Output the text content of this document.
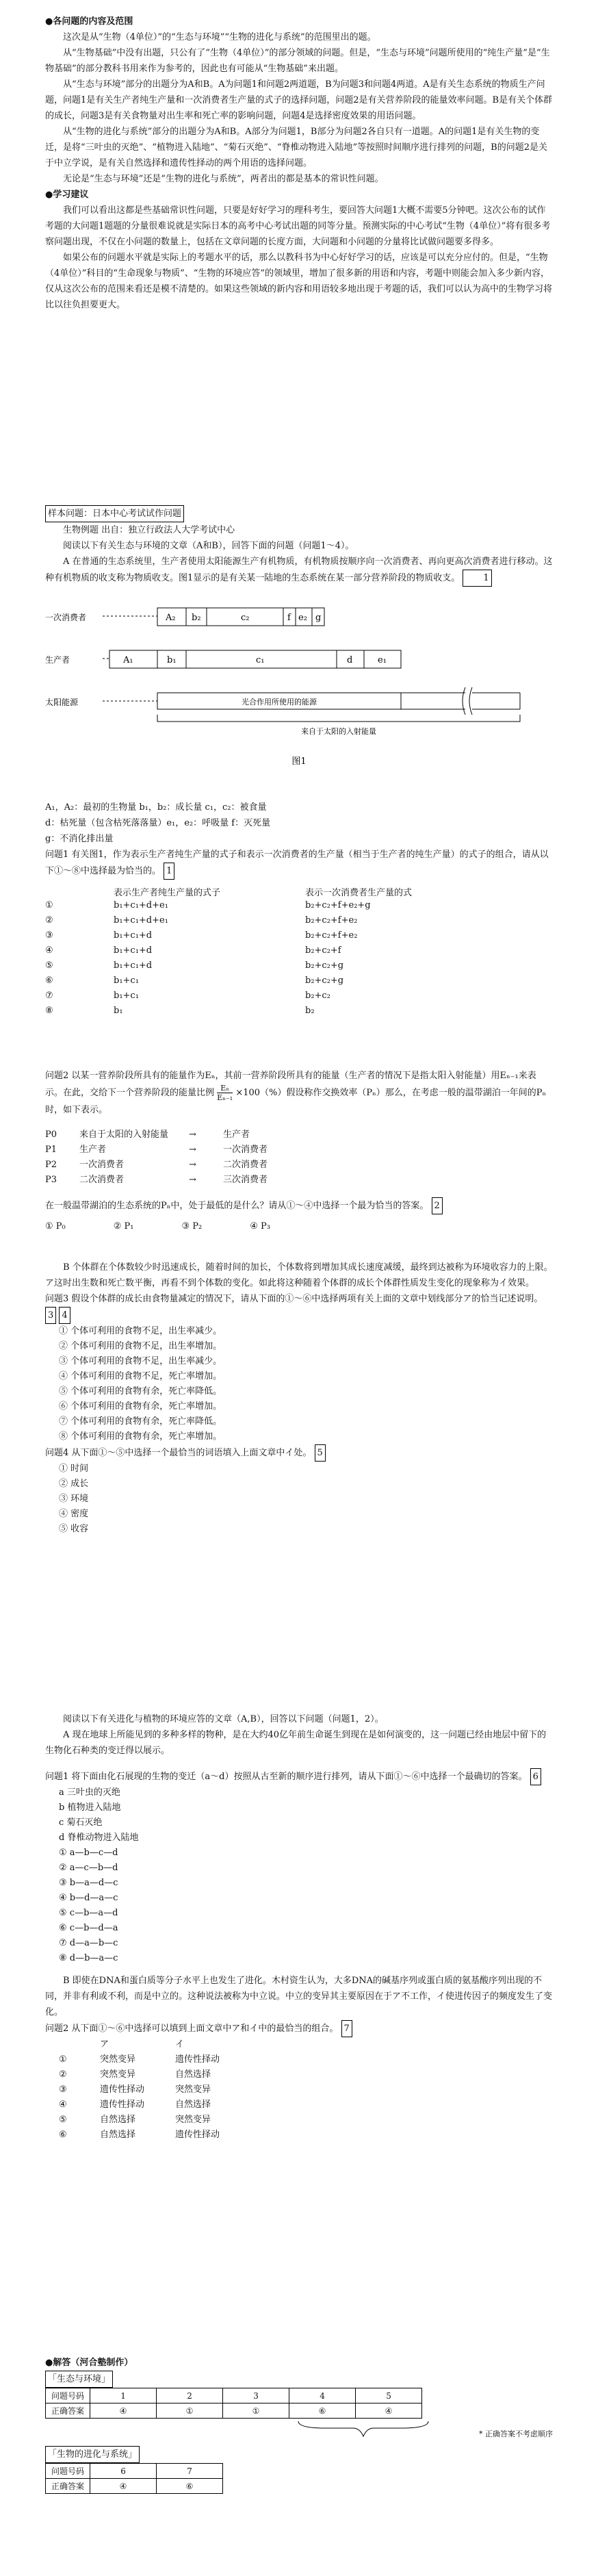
●各问题的内容及范围

这次是从“生物（4单位）”的“生态与环境”“生物的进化与系统”的范围里出的题。

从“生物基础”中没有出题，只公有了“生物（4单位）”的部分领域的问题。但是，“生态与环境”问题所使用的“纯生产量”是“生物基础”的部分教科书用来作为参考的，因此也有可能从“生物基础”来出题。

从“生态与环境”部分的出题分为A和B。A为问题1和问题2两道题，B为问题3和问题4两道。A是有关生态系统的物质生产问题，问题1是有关生产者纯生产量和一次消费者生产量的式子的选择问题，问题2是有关营养阶段的能量效率问题。B是有关个体群的成长，问题3是有关食物量对出生率和死亡率的影响问题，问题4是选择密度效果的用语问题。

从“生物的进化与系统”部分的出题分为A和B。A部分为问题1，B部分为问题2各自只有一道题。A的问题1是有关生物的变迁，是将“三叶虫的灭绝”、“植物进入陆地”、“菊石灭绝”、“脊椎动物进入陆地”等按照时间顺序进行排列的问题，B的问题2是关于中立学说，是有关自然选择和遗传性择动的两个用语的选择问题。

无论是“生态与环境”还是“生物的进化与系统”，两者出的都是基本的常识性问题。

●学习建议

我们可以看出这都是些基础常识性问题，只要是好好学习的理科考生，要回答大问题1大概不需要5分钟吧。这次公布的试作考题的大问题1题题的分量很难说就是实际日本的高考中心考试出题的同等分量。预测实际的中心考试“生物（4单位）”将有很多考察问题出现，不仅在小问题的数量上，包括在文章问题的长度方面，大问题和小问题的分量将比试做问题要多得多。

如果公布的问题水平就是实际上的考题水平的话，那么以教科书为中心好好学习的话，应该是可以充分应付的。但是，“生物（4单位）”科目的“生命现象与物质”、“生物的环境应答”的领域里，增加了很多新的用语和内容，考题中则能会加入多少新内容，仅从这次公布的范围来看还是模不清楚的。如果这些领域的新内容和用语较多地出现于考题的话，我们可以认为高中的生物学习将比以往负担要更大。

样本问题：日本中心考试试作问题

生物例题 出自：独立行政法人大学考试中心

阅读以下有关生态与环境的文章（A和B），回答下面的问题（问题1～4）。

A 在普通的生态系统里，生产者使用太阳能源生产有机物质，有机物质按顺序向一次消费者、再向更高次消费者进行移动。这种有机物质的收支称为物质收支。图1显示的是有关某一陆地的生态系统在某一部分营养阶段的物质收支。	1

一次消费者
生产者
太阳能源
A₂ b₂	c₂	f e₂ g
A₁	b₁	c₁	d	e₁
光合作用所使用的能源
来自于太阳的入射能量
图1

A₁，A₂：最初的生物量 b₁，b₂：成长量 c₁，c₂：被食量

d：枯死量（包含枯死落落量）e₁，e₂：呼吸量 f：灭死量

g：不消化排出量

问题1 有关图1，作为表示生产者纯生产量的式子和表示一次消费者的生产量（相当于生产者的纯生产量）的式子的组合，请从以下①～⑧中选择最为恰当的。 1

表示生产者纯生产量的式子	表示一次消费者生产量的式
①	b₁+c₁+d+e₁	b₂+c₂+f+e₂+g
②	b₁+c₁+d+e₁	b₂+c₂+f+e₂
③	b₁+c₁+d	b₂+c₂+f+e₂
④	b₁+c₁+d	b₂+c₂+f
⑤	b₁+c₁+d	b₂+c₂+g
⑥	b₁+c₁	b₂+c₂+g
⑦	b₁+c₁	b₂+c₂
⑧	b₁	b₂

问题2 以某一营养阶段所具有的能量作为Eₙ，其前一营养阶段所具有的能量（生产者的情况下是指太阳入射能量）用Eₙ₋₁来表示。在此，交给下一个营养阶段的能量比例 $\frac{\text{Eₙ}}{\text{Eₙ₋₁}} \times 100(\%)$假设称作交换效率（Pₙ）那么，在考虑一般的温带湖泊一年间的Pₙ时，如下表示。

P0	来自于太阳的入射能量	→	生产者
P1	生产者	→	一次消费者
P2	一次消费者	→	二次消费者
P3	二次消费者	→	三次消费者

在一般温带湖泊的生态系统的Pₙ中，处于最低的是什么？请从①～④中选择一个最为恰当的答案。 2

① P₀	② P₁	③ P₂	④ P₃

B 个体群在个体数较少时迅速成长，随着时间的加长，个体数将到增加其成长速度减缓，最终到达被称为环境收容力的上限。ア这时出生数和死亡数平衡，再看不到个体数的变化。如此将这种随着个体群的成长个体群性质发生变化的现象称为イ效果。

问题3 假设个体群的成长由食物量减定的情况下，请从下面的①～⑥中选择两项有关上面的文章中划线部分ア的恰当记述说明。 3 4

① 个体可利用的食物不足，出生率减少。
② 个体可利用的食物不足，出生率增加。
③ 个体可利用的食物不足，出生率减少。
④ 个体可利用的食物不足，死亡率增加。
⑤ 个体可利用的食物有余，死亡率降低。
⑥ 个体可利用的食物有余，死亡率增加。
⑦ 个体可利用的食物有余，死亡率降低。
⑧ 个体可利用的食物有余，死亡率增加。

问题4 从下面①～⑤中选择一个最恰当的词语填入上面文章中イ处。 5

① 时间
② 成长
③ 环境
④ 密度
⑤ 收容

阅读以下有关进化与植物的环境应答的文章（A,B），回答以下问题（问题1，2）。

A 现在地球上所能见到的多种多样的物种，是在大约40亿年前生命诞生到现在是如何演变的，这一问题已经由地层中留下的生物化石种类的变迁得以展示。

问题1 将下面由化石展现的生物的变迁（a～d）按照从古至新的顺序进行排列，请从下面①～⑥中选择一个最确切的答案。 6

a 三叶虫的灭绝
b 植物进入陆地
c 菊石灭绝
d 脊椎动物进入陆地
① a—b—c—d
② a—c—b—d
③ b—a—d—c
④ b—d—a—c
⑤ c—b—a—d
⑥ c—b—d—a
⑦ d—a—b—c
⑧ d—b—a—c

B 即使在DNA和蛋白质等分子水平上也发生了进化。木村资生认为，大多DNA的碱基序列或蛋白质的氨基酸序列出现的不同，并非有利或不利，而是中立的。这种说法被称为中立说。中立的变异其主要原因在于ア不工作，イ使进传因子的频度发生了变化。

问题2 从下面①～⑥中选择可以填到上面文章中ア和イ中的最恰当的组合。 7

ア	イ
①	突然变异	遗传性择动
②	突然变异	自然选择
③	遗传性择动	突然变异
④	遗传性择动	自然选择
⑤	自然选择	突然变异
⑥	自然选择	遗传性择动

●解答（河合塾制作）

「生态与环境」

问题号码	1	2	3	4	5
正确答案	④	①	①	⑥	④
* 正确答案不考虑顺序

「生物的进化与系统」

问题号码	6	7
正确答案	④	⑥
